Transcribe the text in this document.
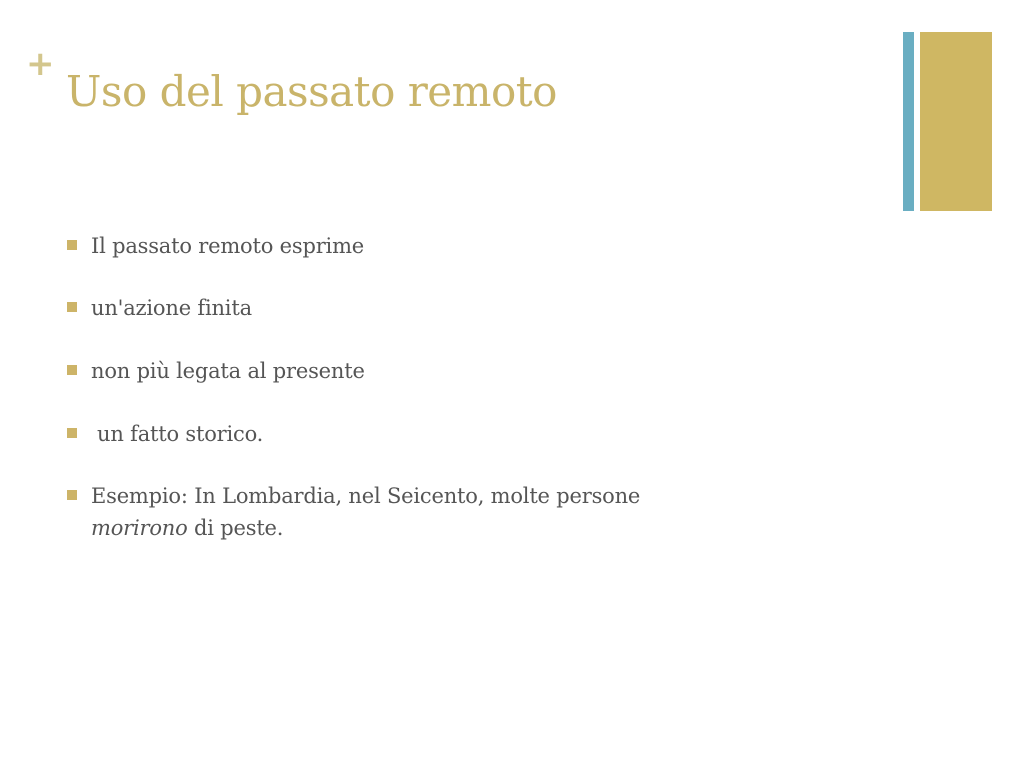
+
Uso del passato remoto
Il passato remoto esprime
un'azione finita
non più legata al presente
un fatto storico.
Esempio: In Lombardia, nel Seicento, molte persone
morirono di peste.
